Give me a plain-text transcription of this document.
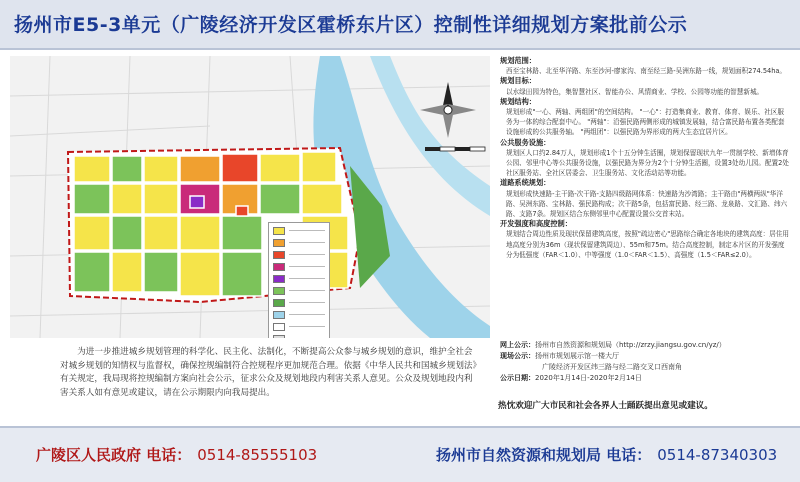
扬州市E5-3单元（广陵经济开发区霍桥东片区）控制性详细规划方案批前公示
为进一步推进城乡规划管理的科学化、民主化、法制化，不断提高公众参与城乡规划的意识，维护全社会对城乡规划的知情权与监督权，确保控规编制符合控规程序更加规范合理。依据《中华人民共和国城乡规划法》有关规定，我局现将控规编制方案向社会公示，征求公众及规划地段内利害关系人意见。公众及规划地段内利害关系人如有意见或建议，请在公示期限内向我局提出。
规划范围：
西至宝林路、北至华洋路、东至沙河-廖家沟、南至经三路-吴洲东路一线，规划面积274.54ha。
规划目标：
以水绿田园为特色，集智慧社区、智能办公、风情商业、学校、公园等功能的智慧新城。
规划结构：
规划形成"一心、两轴、两组团"的空间结构。 "一心"：打造集商业、教育、体育、娱乐、社区服务为一体的综合配套中心。 "两轴"：沿强民路两侧形成的城镇发展轴，结合富民路布置各类配套设施形成的公共服务轴。 "两组团"：以强民路为界形成的两大生态宜居片区。
公共服务设施：
规划区人口约2.84万人，规划形成1个十五分钟生活圈，规划保留现状九年一贯制学校、新增体育公园、邻里中心等公共服务设施，以强民路为界分为2个十分钟生活圈，设置3处幼儿园。配置2处社区服务站、全社区居委会、卫生服务站、文化活动站等功能。
道路系统规划：
规划形成快速路-主干路-次干路-支路四级路网体系：快速路为沙湾路；主干路由"两横两纵"华洋路、吴洲东路、宝林路、强民路构成；次干路5条，包括富民路、经三路、龙泉路、文汇路、纬六路、支路7条。规划区结合东侧邻里中心配置设置公交首末站。
开发强度和高度控制：
规划结合周边性质及现状保留建筑高度，按照"疏边密心"思路综合确定各地块的建筑高度：居住用地高度分别为36m（现状保留建筑周边）、55m和75m。结合高度控制，制定本片区的开发强度分为低强度（FAR＜1.0）、中等强度（1.0＜FAR＜1.5）、高强度（1.5＜FAR≤2.0）。
网上公示：扬州市自然资源和规划局（http://zrzy.jiangsu.gov.cn/yz/）
现场公示：扬州市规划展示馆一楼大厅
广陵经济开发区纬三路与经二路交叉口西南角
公示日期：2020年1月14日-2020年2月14日
热忱欢迎广大市民和社会各界人士踊跃提出意见或建议。
广陵区人民政府 电话： 0514-85555103	扬州市自然资源和规划局 电话： 0514-87340303
